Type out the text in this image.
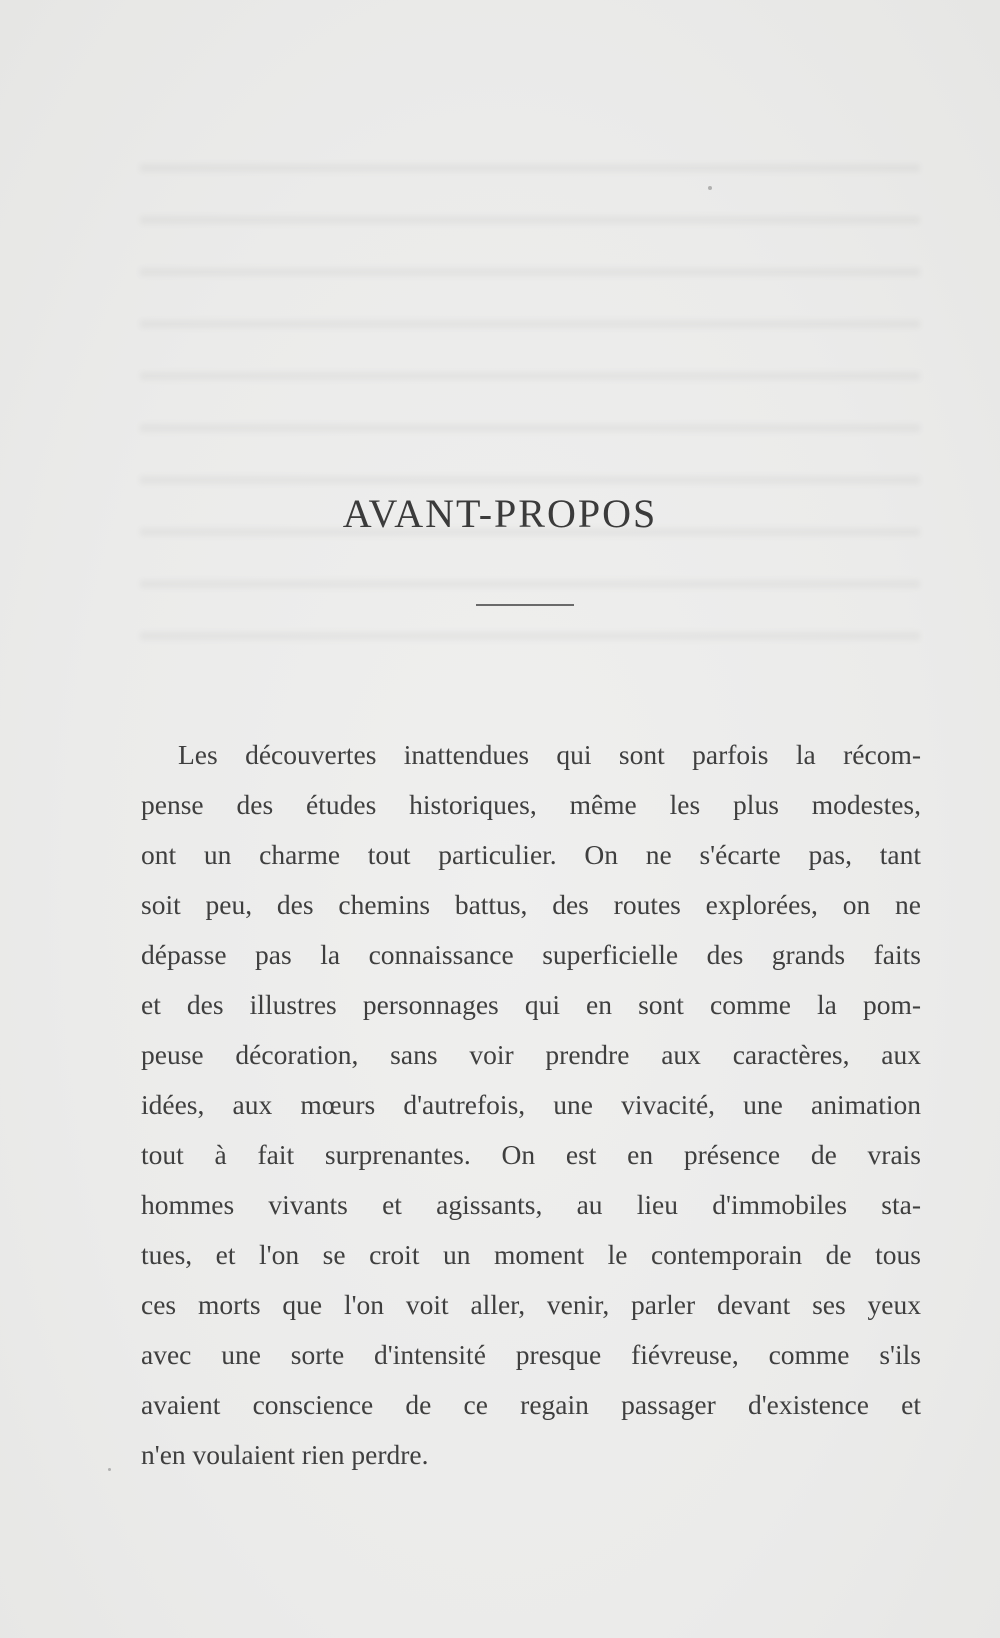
AVANT-PROPOS
Les découvertes inattendues qui sont parfois la récom-
pense des études historiques, même les plus modestes,
ont un charme tout particulier. On ne s'écarte pas, tant
soit peu, des chemins battus, des routes explorées, on ne
dépasse pas la connaissance superficielle des grands faits
et des illustres personnages qui en sont comme la pom-
peuse décoration, sans voir prendre aux caractères, aux
idées, aux mœurs d'autrefois, une vivacité, une animation
tout à fait surprenantes. On est en présence de vrais
hommes vivants et agissants, au lieu d'immobiles sta-
tues, et l'on se croit un moment le contemporain de tous
ces morts que l'on voit aller, venir, parler devant ses yeux
avec une sorte d'intensité presque fiévreuse, comme s'ils
avaient conscience de ce regain passager d'existence et
n'en voulaient rien perdre.
